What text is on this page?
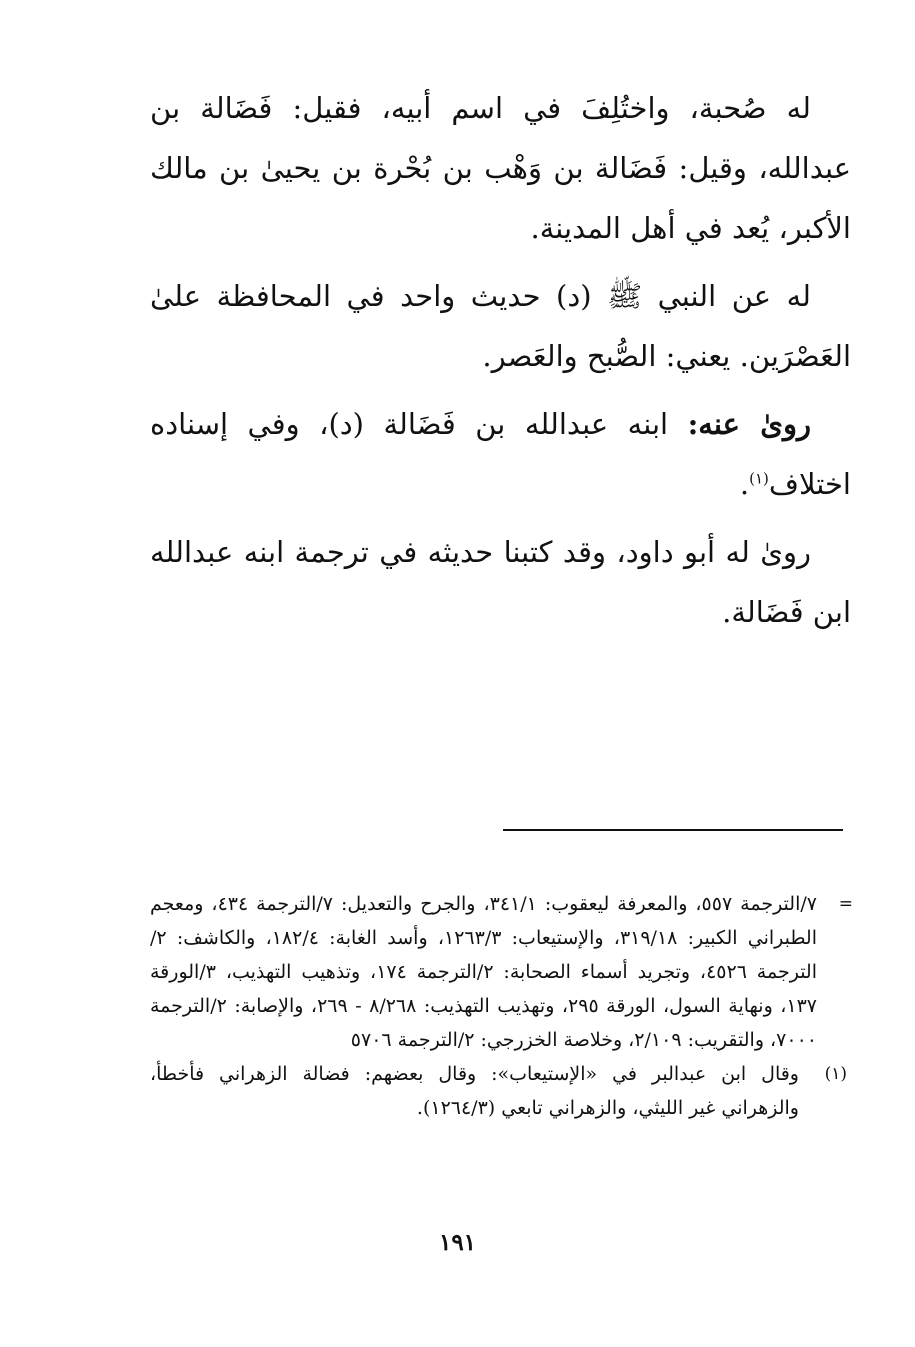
له صُحبة، واختُلِفَ في اسم أبيه، فقيل: فَضَالة بن عبدالله، وقيل: فَضَالة بن وَهْب بن بُحْرة بن يحيىٰ بن مالك الأكبر، يُعد في أهل المدينة.

له عن النبي ﷺ (د) حديث واحد في المحافظة علىٰ العَصْرَين. يعني: الصُّبح والعَصر.

روىٰ عنه: ابنه عبدالله بن فَضَالة (د)، وفي إسناده اختلاف$^{(١)}$.

روىٰ له أبو داود، وقد كتبنا حديثه في ترجمة ابنه عبدالله ابن فَضَالة.

=
٧/الترجمة ٥٥٧، والمعرفة ليعقوب: ٣٤١/١، والجرح والتعديل: ٧/الترجمة ٤٣٤، ومعجم الطبراني الكبير: ٣١٩/١٨، والإستيعاب: ١٢٦٣/٣، وأسد الغابة: ١٨٢/٤، والكاشف: ٢/الترجمة ٤٥٢٦، وتجريد أسماء الصحابة: ٢/الترجمة ١٧٤، وتذهيب التهذيب، ٣/الورقة ١٣٧، ونهاية السول، الورقة ٢٩٥، وتهذيب التهذيب: ٨/٢٦٨ - ٢٦٩، والإصابة: ٢/الترجمة ٧٠٠٠، والتقريب: ٢/١٠٩، وخلاصة الخزرجي: ٢/الترجمة ٥٧٠٦

(١)
وقال ابن عبدالبر في «الإستيعاب»: وقال بعضهم: فضالة الزهراني فأخطأ، والزهراني غير الليثي، والزهراني تابعي (١٢٦٤/٣).

١٩١
